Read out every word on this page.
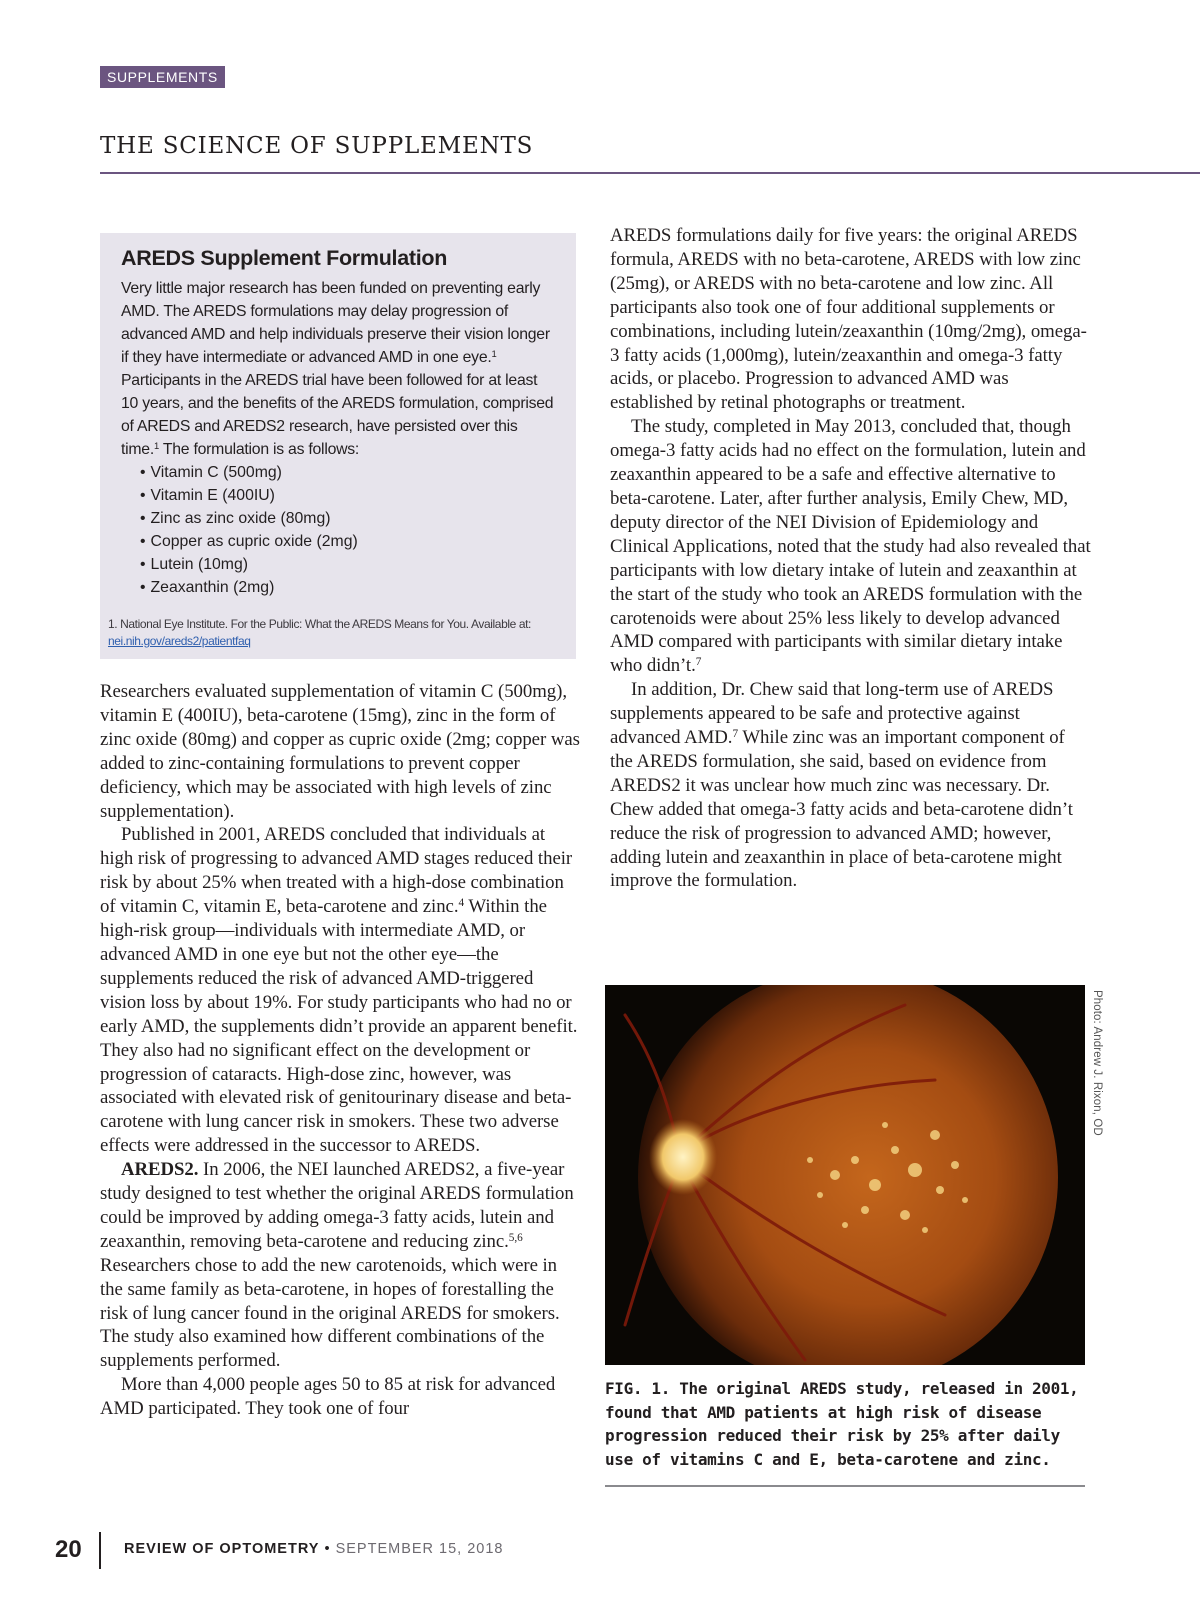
SUPPLEMENTS
THE SCIENCE OF SUPPLEMENTS
AREDS Supplement Formulation
Very little major research has been funded on preventing early AMD. The AREDS formulations may delay progression of advanced AMD and help individuals preserve their vision longer if they have intermediate or advanced AMD in one eye.$^1$ Participants in the AREDS trial have been followed for at least 10 years, and the benefits of the AREDS formulation, comprised of AREDS and AREDS2 research, have persisted over this time.$^1$ The formulation is as follows:
• Vitamin C (500mg)
• Vitamin E (400IU)
• Zinc as zinc oxide (80mg)
• Copper as cupric oxide (2mg)
• Lutein (10mg)
• Zeaxanthin (2mg)
1. National Eye Institute. For the Public: What the AREDS Means for You. Available at: nei.nih.gov/areds2/patientfaq

Researchers evaluated supplementation of vitamin C (500mg), vitamin E (400IU), beta-carotene (15mg), zinc in the form of zinc oxide (80mg) and copper as cupric oxide (2mg; copper was added to zinc-containing formulations to prevent copper deficiency, which may be associated with high levels of zinc supplementation).

Published in 2001, AREDS concluded that individuals at high risk of progressing to advanced AMD stages reduced their risk by about 25% when treated with a high-dose combination of vitamin C, vitamin E, beta-carotene and zinc.$^4$ Within the high-risk group—individuals with intermediate AMD, or advanced AMD in one eye but not the other eye—the supplements reduced the risk of advanced AMD-triggered vision loss by about 19%. For study participants who had no or early AMD, the supplements didn’t provide an apparent benefit. They also had no significant effect on the development or progression of cataracts. High-dose zinc, however, was associated with elevated risk of genitourinary disease and beta-carotene with lung cancer risk in smokers. These two adverse effects were addressed in the successor to AREDS.

AREDS2. In 2006, the NEI launched AREDS2, a five-year study designed to test whether the original AREDS formulation could be improved by adding omega-3 fatty acids, lutein and zeaxanthin, removing beta-carotene and reducing zinc.$^{5,6}$ Researchers chose to add the new carotenoids, which were in the same family as beta-carotene, in hopes of forestalling the risk of lung cancer found in the original AREDS for smokers. The study also examined how different combinations of the supplements performed.

More than 4,000 people ages 50 to 85 at risk for advanced AMD participated. They took one of four

AREDS formulations daily for five years: the original AREDS formula, AREDS with no beta-carotene, AREDS with low zinc (25mg), or AREDS with no beta-carotene and low zinc. All participants also took one of four additional supplements or combinations, including lutein/zeaxanthin (10mg/2mg), omega-3 fatty acids (1,000mg), lutein/zeaxanthin and omega-3 fatty acids, or placebo. Progression to advanced AMD was established by retinal photographs or treatment.

The study, completed in May 2013, concluded that, though omega-3 fatty acids had no effect on the formulation, lutein and zeaxanthin appeared to be a safe and effective alternative to beta-carotene. Later, after further analysis, Emily Chew, MD, deputy director of the NEI Division of Epidemiology and Clinical Applications, noted that the study had also revealed that participants with low dietary intake of lutein and zeaxanthin at the start of the study who took an AREDS formulation with the carotenoids were about 25% less likely to develop advanced AMD compared with participants with similar dietary intake who didn’t.$^7$

In addition, Dr. Chew said that long-term use of AREDS supplements appeared to be safe and protective against advanced AMD.$^7$ While zinc was an important component of the AREDS formulation, she said, based on evidence from AREDS2 it was unclear how much zinc was necessary. Dr. Chew added that omega-3 fatty acids and beta-carotene didn’t reduce the risk of progression to advanced AMD; however, adding lutein and zeaxanthin in place of beta-carotene might improve the formulation.

Photo: Andrew J. Rixon, OD

FIG. 1. The original AREDS study, released in 2001, found that AMD patients at high risk of disease progression reduced their risk by 25% after daily use of vitamins C and E, beta-carotene and zinc.

20	REVIEW OF OPTOMETRY • SEPTEMBER 15, 2018
